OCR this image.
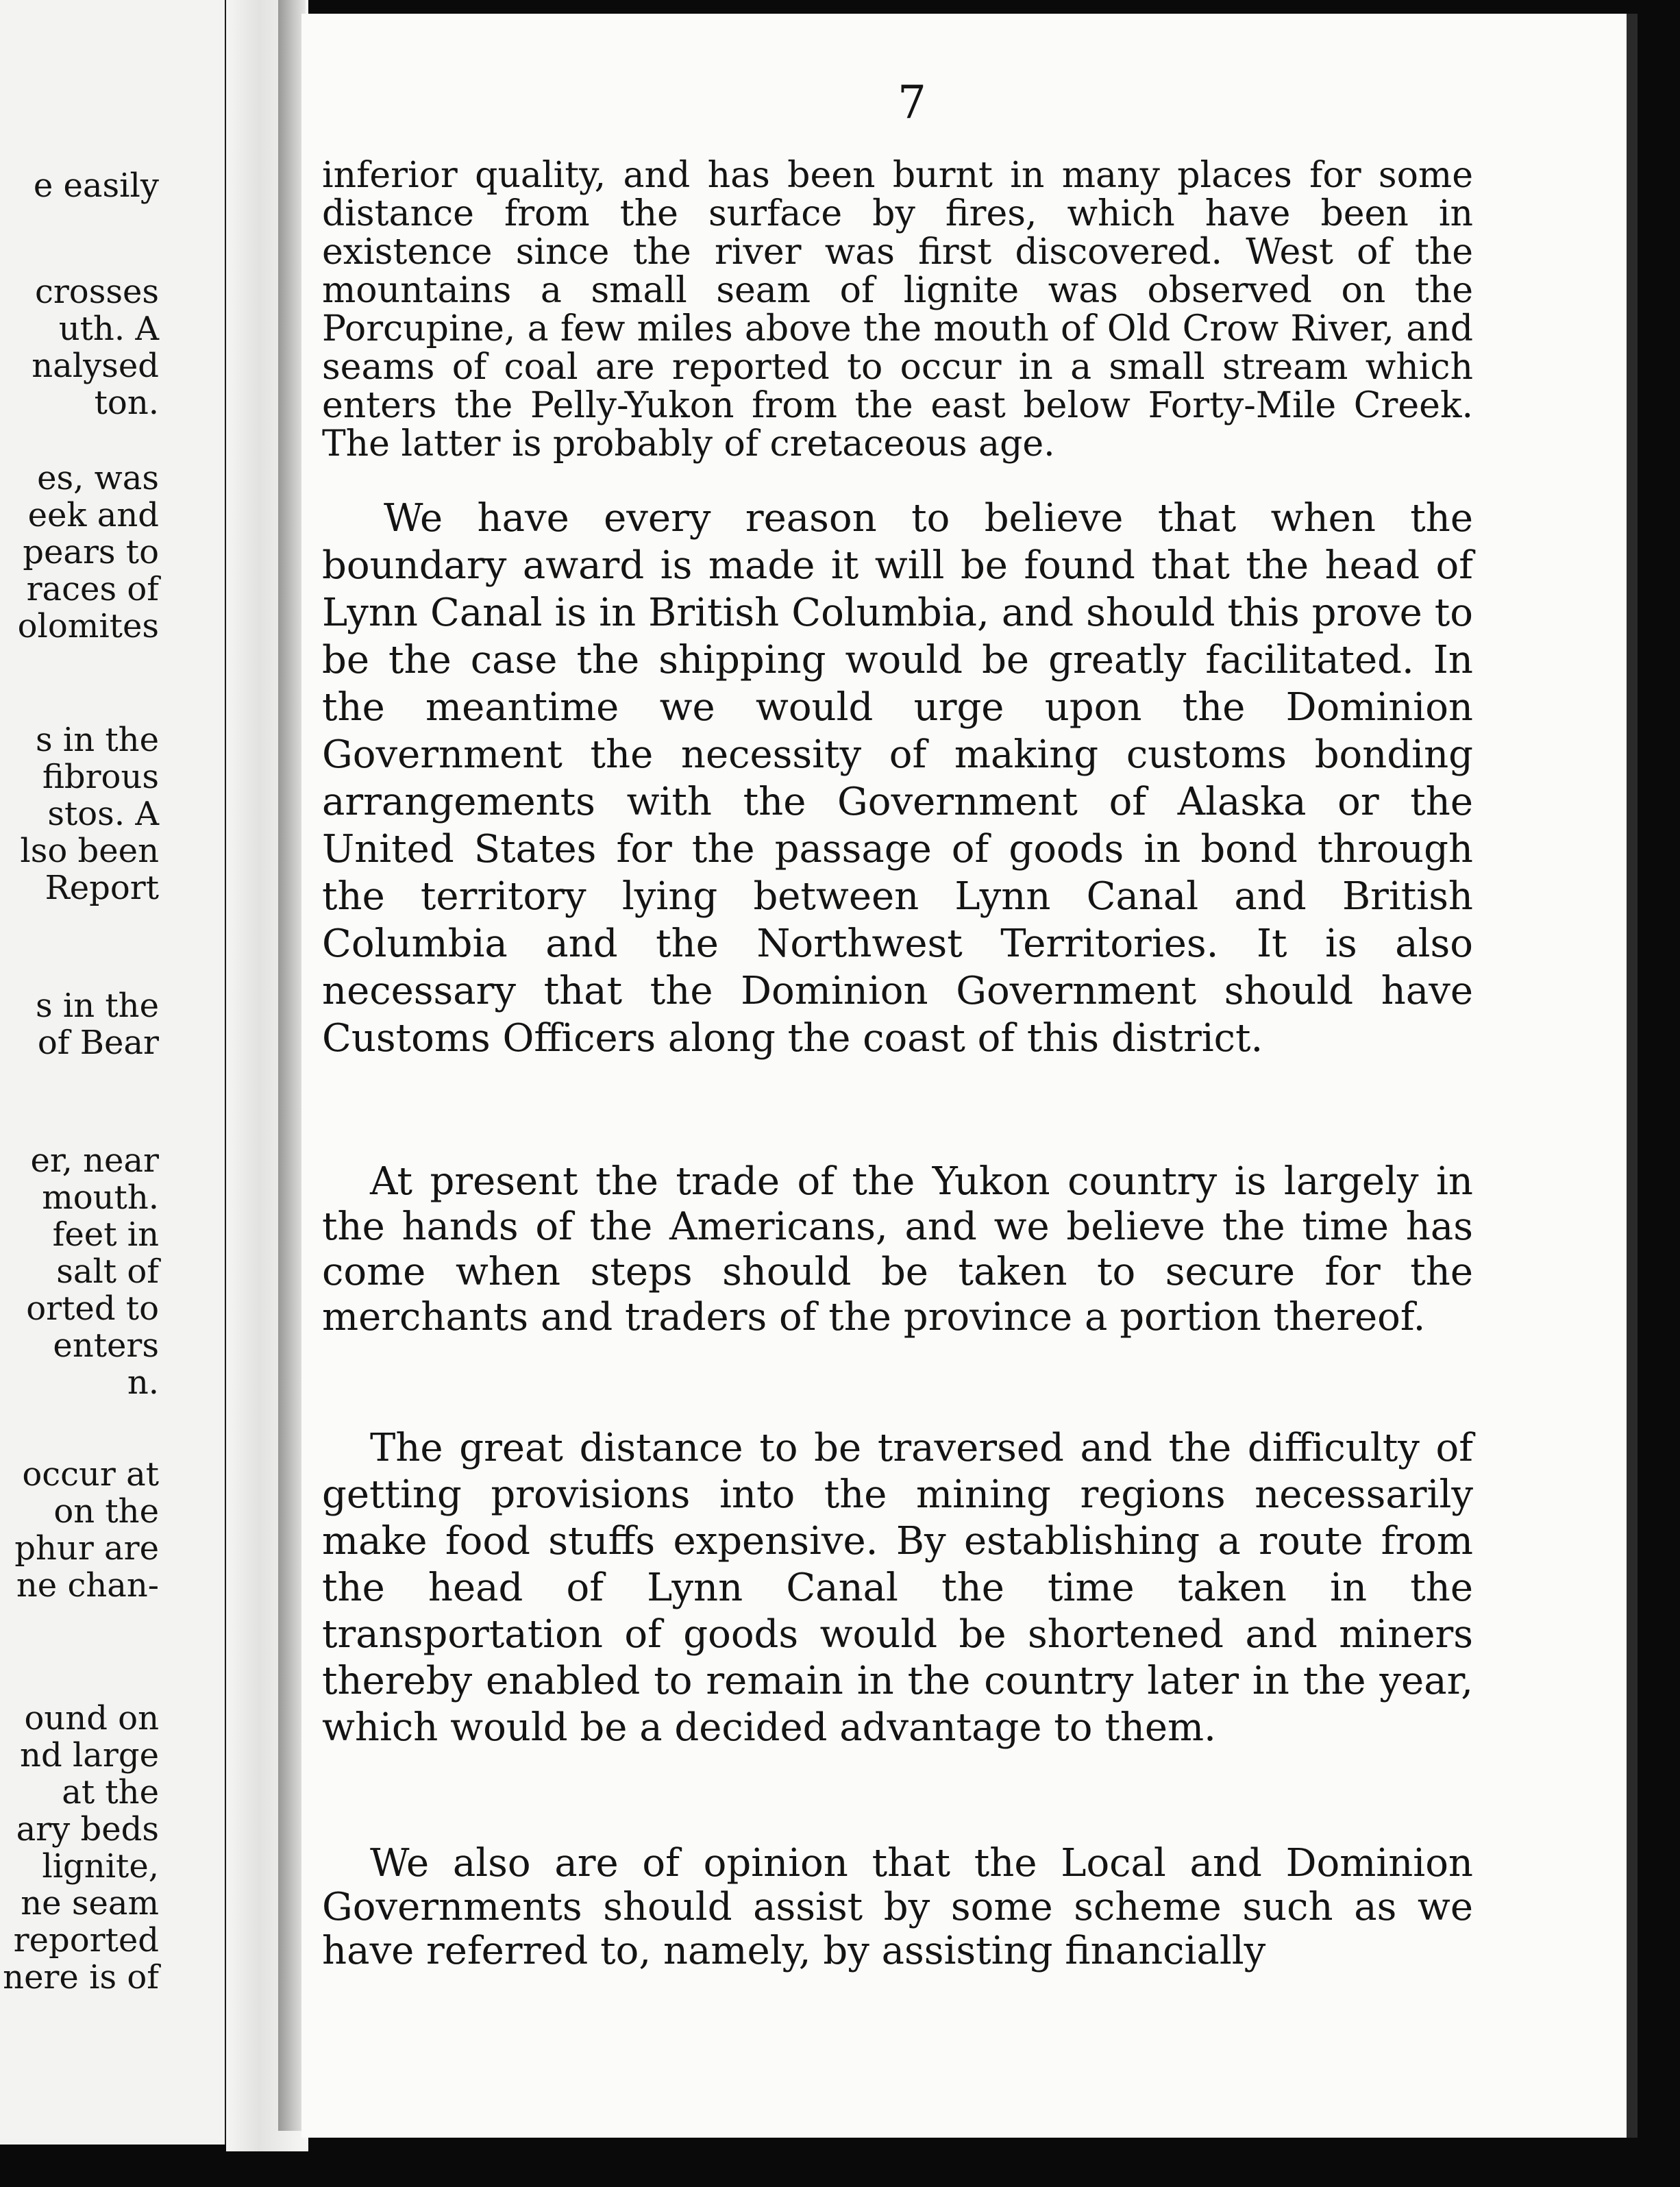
e easily
crosses
uth. A
nalysed
ton.
es, was
eek and
pears to
races of
olomites
s in the
fibrous
stos. A
lso been
Report
s in the
of Bear
er, near
mouth.
feet in
salt of
orted to
enters
n.
occur at
on the
phur are
ne chan-
ound on
nd large
at the
ary beds
lignite,
ne seam
reported
nere is of
7

inferior quality, and has been burnt in many places for some distance from the surface by fires, which have been in existence since the river was first discovered. West of the mountains a small seam of lignite was observed on the Porcupine, a few miles above the mouth of Old Crow River, and seams of coal are reported to occur in a small stream which enters the Pelly-Yukon from the east below Forty-Mile Creek. The latter is probably of cretaceous age.

We have every reason to believe that when the boundary award is made it will be found that the head of Lynn Canal is in British Columbia, and should this prove to be the case the shipping would be greatly facilitated. In the meantime we would urge upon the Dominion Government the necessity of making customs bonding arrangements with the Government of Alaska or the United States for the passage of goods in bond through the territory lying between Lynn Canal and British Columbia and the Northwest Territories. It is also necessary that the Dominion Government should have Customs Officers along the coast of this district.

At present the trade of the Yukon country is largely in the hands of the Americans, and we believe the time has come when steps should be taken to secure for the merchants and traders of the province a portion thereof.

The great distance to be traversed and the difficulty of getting provisions into the mining regions necessarily make food stuffs expensive. By establishing a route from the head of Lynn Canal the time taken in the transportation of goods would be shortened and miners thereby enabled to remain in the country later in the year, which would be a decided advantage to them.

We also are of opinion that the Local and Dominion Governments should assist by some scheme such as we have referred to, namely, by assisting financially
